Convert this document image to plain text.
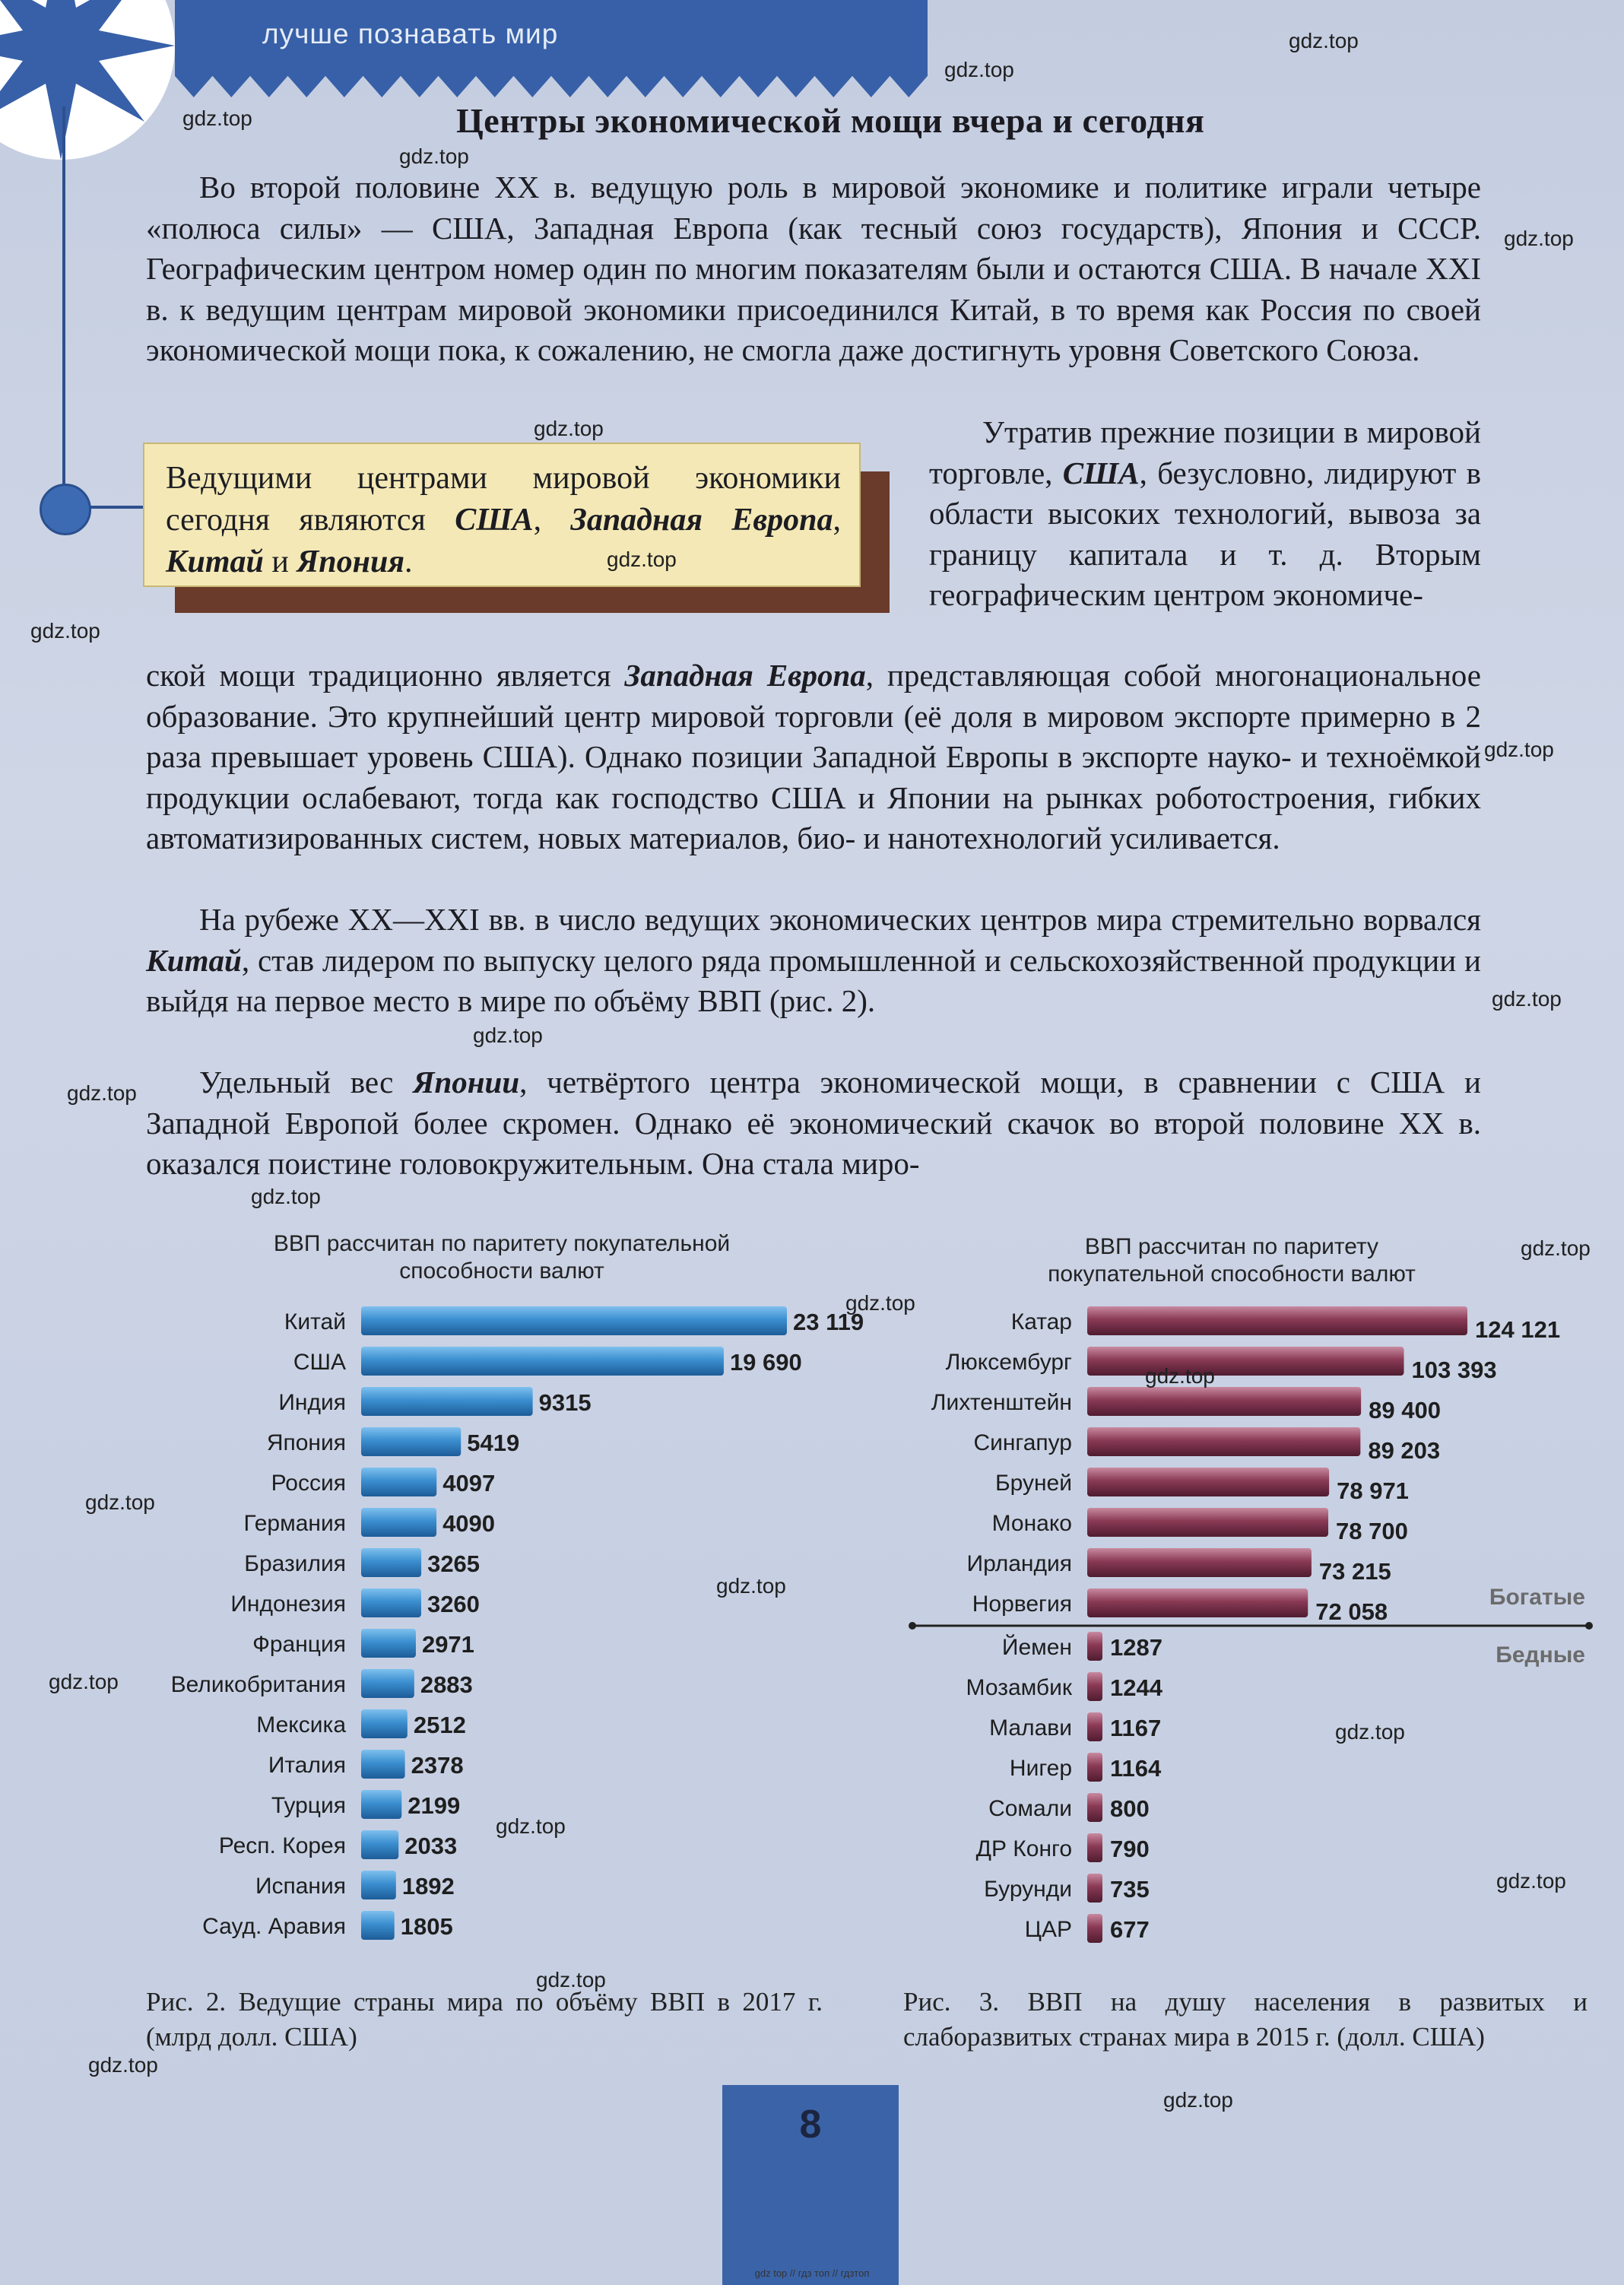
лучше познавать мир
Центры экономической мощи вчера и сегодня

Во второй половине XX в. ведущую роль в мировой экономике и политике играли четыре «полюса силы» — США, Западная Европа (как тесный союз государств), Япония и СССР. Географическим центром номер один по многим показателям были и остаются США. В начале XXI в. к ведущим центрам мировой экономики присоединился Китай, в то время как Россия по своей экономической мощи пока, к сожалению, не смогла даже достигнуть уровня Советского Союза.

Ведущими центрами мировой экономики сегодня являются США, Западная Европа, Китай и Япония.

Утратив прежние позиции в мировой торговле, США, безусловно, лидируют в области высоких технологий, вывоза за границу капитала и т. д. Вторым географическим центром экономиче-

ской мощи традиционно является Западная Европа, представляющая собой многонациональное образование. Это крупнейший центр мировой торговли (её доля в мировом экспорте примерно в 2 раза превышает уровень США). Однако позиции Западной Европы в экспорте науко- и техноёмкой продукции ослабевают, тогда как господство США и Японии на рынках роботостроения, гибких автоматизированных систем, новых материалов, био- и нанотехнологий усиливается.

На рубеже XX—XXI вв. в число ведущих экономических центров мира стремительно ворвался Китай, став лидером по выпуску целого ряда промышленной и сельскохозяйственной продукции и выйдя на первое место в мире по объёму ВВП (рис. 2).

Удельный вес Японии, четвёртого центра экономической мощи, в сравнении с США и Западной Европой более скромен. Однако её экономический скачок во второй половине XX в. оказался поистине головокружительным. Она стала миро-

ВВП рассчитан по паритету покупательной способности валют
ВВП рассчитан по паритету покупательной способности валют
Китай	23 119
США	19 690
Индия	9315
Япония	5419
Россия	4097
Германия	4090
Бразилия	3265
Индонезия	3260
Франция	2971
Великобритания	2883
Мексика	2512
Италия	2378
Турция	2199
Респ. Корея 2033
Испания 1892
Сауд. Аравия 1805
Катар	124 121
Люксембург	103 393
Лихтенштейн	89 400
Сингапур	89 203
Бруней	78 971
Монако	78 700
Ирландия	73 215
Норвегия	72 058
Йемен 1287
Мозамбик 1244
Малави 1167
Нигер 1164
Сомали 800
ДР Конго 790
Бурунди 735
ЦАР 677
Богатые
Бедные

Рис. 2. Ведущие страны мира по объёму ВВП в 2017 г. (млрд долл. США)

Рис. 3. ВВП на душу населения в развитых и слаборазвитых странах мира в 2015 г. (долл. США)

8
gdz.top
gdz.top
gdz.top
gdz.top
gdz.top
gdz.top
gdz.top
gdz.top
gdz.top
gdz.top
gdz.top
gdz.top
gdz.top
gdz.top
gdz.top
gdz.top
gdz.top
gdz.top
gdz.top
gdz.top
gdz.top
gdz.top
gdz.top
gdz.top
gdz.top
gdz top // гдз топ // гдзтоп
